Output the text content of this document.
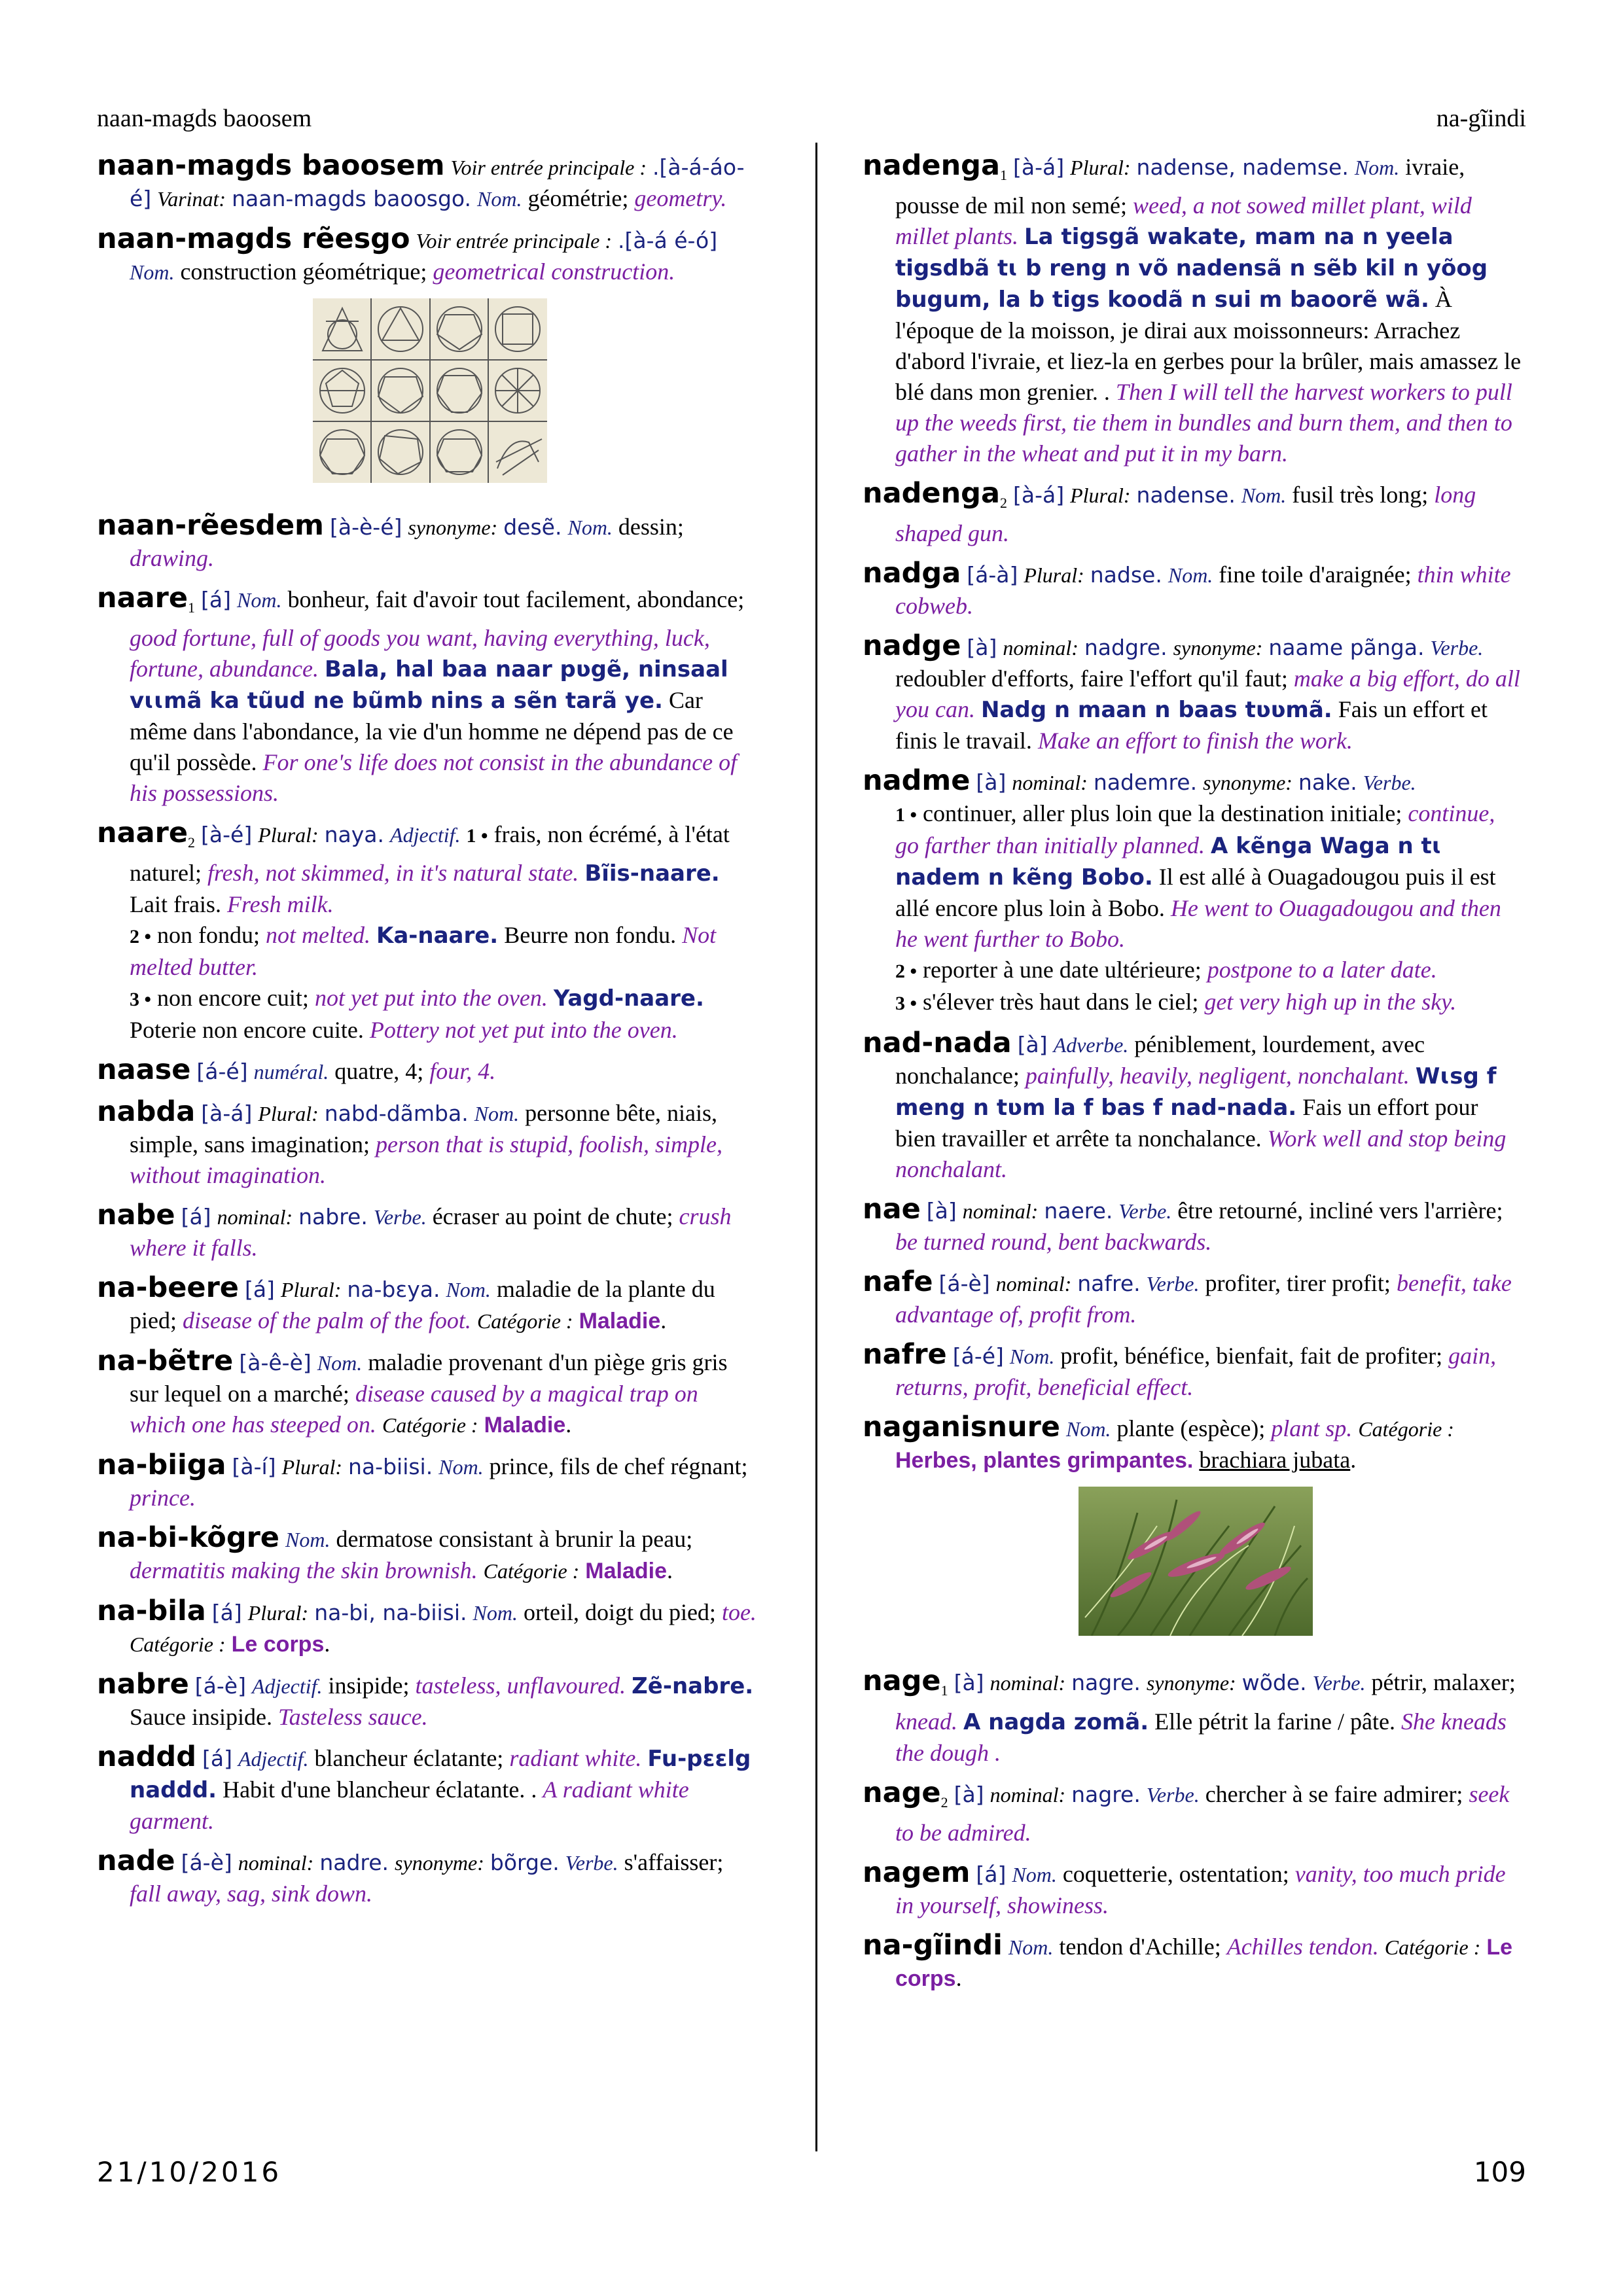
naan-magds baoosem	na-gĩindi
naan-magds baoosem Voir entrée principale : .[à-á-áo-é] Varinat: naan-magds baoosgo. Nom. géométrie; geometry.
naan-magds rẽesgo Voir entrée principale : .[à-á é-ó] Nom. construction géométrique; geometrical construction.
naan-rẽesdem [à-è-é] synonyme: desẽ. Nom. dessin; drawing.
naare$_1$ [á] Nom. bonheur, fait d'avoir tout facilement, abondance; good fortune, full of goods you want, having everything, luck, fortune, abundance. Bala, hal baa naar pʋgẽ, ninsaal vɩɩmã ka tũud ne bũmb nins a sẽn tarã ye. Car même dans l'abondance, la vie d'un homme ne dépend pas de ce qu'il possède. For one's life does not consist in the abundance of his possessions.
naare$_2$ [à-é] Plural: naya. Adjectif. 1 • frais, non écrémé, à l'état naturel; fresh, not skimmed, in it's natural state. Bĩis-naare. Lait frais. Fresh milk.
2 • non fondu; not melted. Ka-naare. Beurre non fondu. Not melted butter.
3 • non encore cuit; not yet put into the oven. Yagd-naare. Poterie non encore cuite. Pottery not yet put into the oven.
naase [á-é] numéral. quatre, 4; four, 4.
nabda [à-á] Plural: nabd-dãmba. Nom. personne bête, niais, simple, sans imagination; person that is stupid, foolish, simple, without imagination.
nabe [á] nominal: nabre. Verbe. écraser au point de chute; crush where it falls.
na-beere [á] Plural: na-bɛya. Nom. maladie de la plante du pied; disease of the palm of the foot. Catégorie : Maladie.
na-bẽtre [à-ê-è] Nom. maladie provenant d'un piège gris gris sur lequel on a marché; disease caused by a magical trap on which one has steeped on. Catégorie : Maladie.
na-biiga [à-í] Plural: na-biisi. Nom. prince, fils de chef régnant; prince.
na-bi-kõgre Nom. dermatose consistant à brunir la peau; dermatitis making the skin brownish. Catégorie : Maladie.
na-bila [á] Plural: na-bi, na-biisi. Nom. orteil, doigt du pied; toe. Catégorie : Le corps.
nabre [á-è] Adjectif. insipide; tasteless, unflavoured. Zẽ-nabre. Sauce insipide. Tasteless sauce.
naddd [á] Adjectif. blancheur éclatante; radiant white. Fu-pɛɛlg naddd. Habit d'une blancheur éclatante. . A radiant white garment.
nade [á-è] nominal: nadre. synonyme: bõrge. Verbe. s'affaisser; fall away, sag, sink down.
nadenga$_1$ [à-á] Plural: nadense, nademse. Nom. ivraie, pousse de mil non semé; weed, a not sowed millet plant, wild millet plants. La tigsgã wakate, mam na n yeela tigsdbã tɩ b reng n võ nadensã n sẽb kil n yõog bugum, la b tigs koodã n sui m baoorẽ wã. À l'époque de la moisson, je dirai aux moissonneurs: Arrachez d'abord l'ivraie, et liez-la en gerbes pour la brûler, mais amassez le blé dans mon grenier. . Then I will tell the harvest workers to pull up the weeds first, tie them in bundles and burn them, and then to gather in the wheat and put it in my barn.
nadenga$_2$ [à-á] Plural: nadense. Nom. fusil très long; long shaped gun.
nadga [á-à] Plural: nadse. Nom. fine toile d'araignée; thin white cobweb.
nadge [à] nominal: nadgre. synonyme: naame pãnga. Verbe. redoubler d'efforts, faire l'effort qu'il faut; make a big effort, do all you can. Nadg n maan n baas tʋʋmã. Fais un effort et finis le travail. Make an effort to finish the work.
nadme [à] nominal: nademre. synonyme: nake. Verbe.
1 • continuer, aller plus loin que la destination initiale; continue, go farther than initially planned. A kẽnga Waga n tɩ nadem n kẽng Bobo. Il est allé à Ouagadougou puis il est allé encore plus loin à Bobo. He went to Ouagadougou and then he went further to Bobo.
2 • reporter à une date ultérieure; postpone to a later date.
3 • s'élever très haut dans le ciel; get very high up in the sky.
nad-nada [à] Adverbe. péniblement, lourdement, avec nonchalance; painfully, heavily, negligent, nonchalant. Wɩsg f meng n tʋm la f bas f nad-nada. Fais un effort pour bien travailler et arrête ta nonchalance. Work well and stop being nonchalant.
nae [à] nominal: naere. Verbe. être retourné, incliné vers l'arrière; be turned round, bent backwards.
nafe [á-è] nominal: nafre. Verbe. profiter, tirer profit; benefit, take advantage of, profit from.
nafre [á-é] Nom. profit, bénéfice, bienfait, fait de profiter; gain, returns, profit, beneficial effect.
naganisnure Nom. plante (espèce); plant sp. Catégorie : Herbes, plantes grimpantes. brachiara jubata.
nage$_1$ [à] nominal: nagre. synonyme: wõde. Verbe. pétrir, malaxer; knead. A nagda zomã. Elle pétrit la farine / pâte. She kneads the dough .
nage$_2$ [à] nominal: nagre. Verbe. chercher à se faire admirer; seek to be admired.
nagem [á] Nom. coquetterie, ostentation; vanity, too much pride in yourself, showiness.
na-gĩindi Nom. tendon d'Achille; Achilles tendon. Catégorie : Le corps.
21/10/2016	109
